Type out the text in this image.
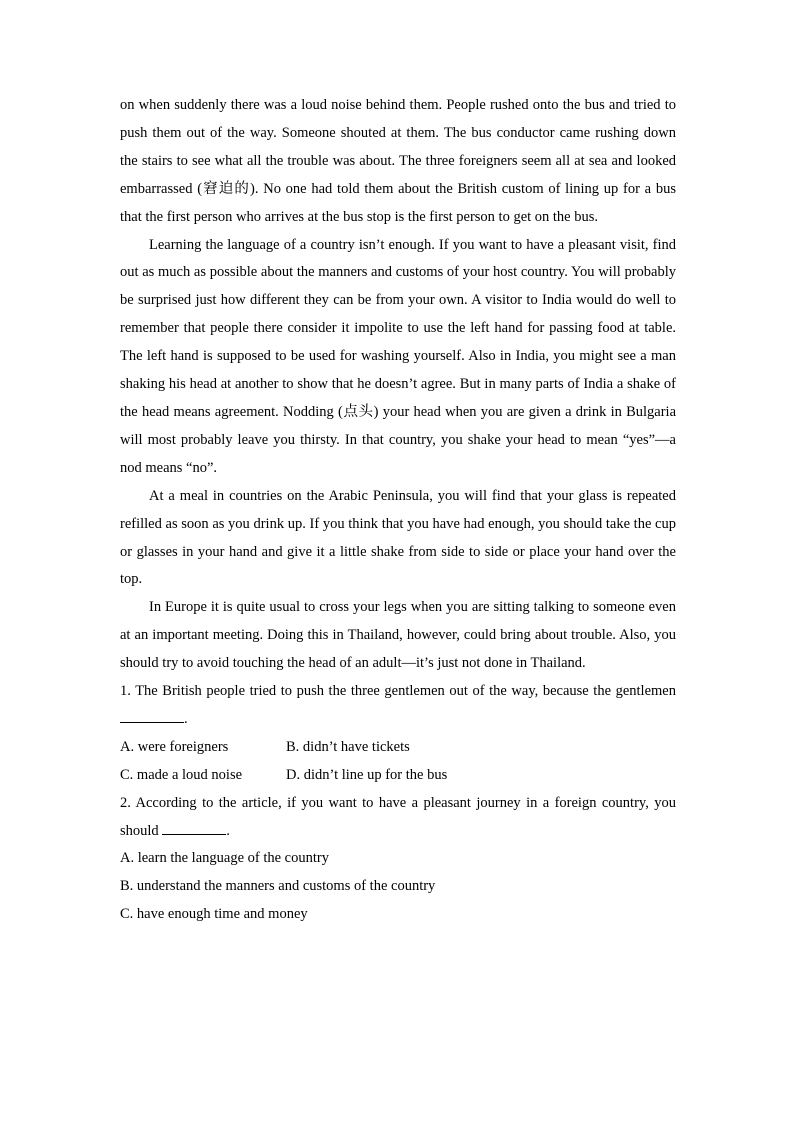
on when suddenly there was a loud noise behind them. People rushed onto the bus and tried to push them out of the way. Someone shouted at them. The bus conductor came rushing down the stairs to see what all the trouble was about. The three foreigners seem all at sea and looked embarrassed (窘迫的). No one had told them about the British custom of lining up for a bus that the first person who arrives at the bus stop is the first person to get on the bus.

Learning the language of a country isn’t enough. If you want to have a pleasant visit, find out as much as possible about the manners and customs of your host country. You will probably be surprised just how different they can be from your own. A visitor to India would do well to remember that people there consider it impolite to use the left hand for passing food at table. The left hand is supposed to be used for washing yourself. Also in India, you might see a man shaking his head at another to show that he doesn’t agree. But in many parts of India a shake of the head means agreement. Nodding (点头) your head when you are given a drink in Bulgaria will most probably leave you thirsty. In that country, you shake your head to mean “yes”—a nod means “no”.

At a meal in countries on the Arabic Peninsula, you will find that your glass is repeated refilled as soon as you drink up. If you think that you have had enough, you should take the cup or glasses in your hand and give it a little shake from side to side or place your hand over the top.

In Europe it is quite usual to cross your legs when you are sitting talking to someone even at an important meeting. Doing this in Thailand, however, could bring about trouble. Also, you should try to avoid touching the head of an adult—it’s just not done in Thailand.

1. The British people tried to push the three gentlemen out of the way, because the gentlemen .

A. were foreigners	B. didn’t have tickets

C. made a loud noise	D. didn’t line up for the bus

2. According to the article, if you want to have a pleasant journey in a foreign country, you should	.

A. learn the language of the country

B. understand the manners and customs of the country

C. have enough time and money
